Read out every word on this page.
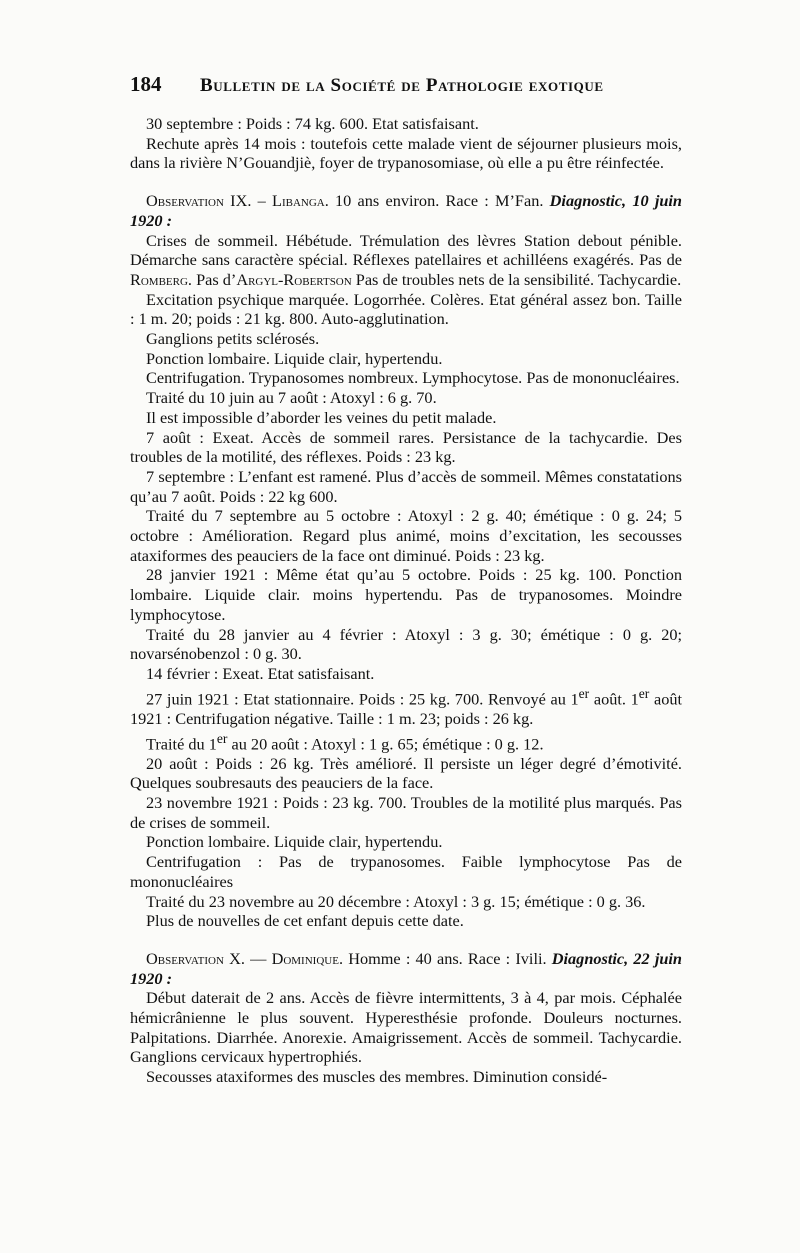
184	Bulletin de la Société de Pathologie exotique

30 septembre : Poids : 74 kg. 600. Etat satisfaisant.

Rechute après 14 mois : toutefois cette malade vient de séjourner plusieurs mois, dans la rivière N’Gouandjiè, foyer de trypanosomiase, où elle a pu être réinfectée.

Observation IX. – Libanga. 10 ans environ. Race : M’Fan. Diagnostic, 10 juin 1920 :

Crises de sommeil. Hébétude. Trémulation des lèvres Station debout pénible. Démarche sans caractère spécial. Réflexes patellaires et achilléens exagérés. Pas de Romberg. Pas d’Argyl-Robertson Pas de troubles nets de la sensibilité. Tachycardie.

Excitation psychique marquée. Logorrhée. Colères. Etat général assez bon. Taille : 1 m. 20; poids : 21 kg. 800. Auto-agglutination.

Ganglions petits sclérosés.

Ponction lombaire. Liquide clair, hypertendu.

Centrifugation. Trypanosomes nombreux. Lymphocytose. Pas de mononucléaires.

Traité du 10 juin au 7 août : Atoxyl : 6 g. 70.

Il est impossible d’aborder les veines du petit malade.

7 août : Exeat. Accès de sommeil rares. Persistance de la tachycardie. Des troubles de la motilité, des réflexes. Poids : 23 kg.

7 septembre : L’enfant est ramené. Plus d’accès de sommeil. Mêmes constatations qu’au 7 août. Poids : 22 kg 600.

Traité du 7 septembre au 5 octobre : Atoxyl : 2 g. 40; émétique : 0 g. 24; 5 octobre : Amélioration. Regard plus animé, moins d’excitation, les secousses ataxiformes des peauciers de la face ont diminué. Poids : 23 kg.

28 janvier 1921 : Même état qu’au 5 octobre. Poids : 25 kg. 100. Ponction lombaire. Liquide clair. moins hypertendu. Pas de trypanosomes. Moindre lymphocytose.

Traité du 28 janvier au 4 février : Atoxyl : 3 g. 30; émétique : 0 g. 20; novarsénobenzol : 0 g. 30.

14 février : Exeat. Etat satisfaisant.

27 juin 1921 : Etat stationnaire. Poids : 25 kg. 700. Renvoyé au 1er août. 1er août 1921 : Centrifugation négative. Taille : 1 m. 23; poids : 26 kg.

Traité du 1er au 20 août : Atoxyl : 1 g. 65; émétique : 0 g. 12.

20 août : Poids : 26 kg. Très amélioré. Il persiste un léger degré d’émotivité. Quelques soubresauts des peauciers de la face.

23 novembre 1921 : Poids : 23 kg. 700. Troubles de la motilité plus marqués. Pas de crises de sommeil.

Ponction lombaire. Liquide clair, hypertendu.

Centrifugation : Pas de trypanosomes. Faible lymphocytose Pas de mononucléaires

Traité du 23 novembre au 20 décembre : Atoxyl : 3 g. 15; émétique : 0 g. 36.

Plus de nouvelles de cet enfant depuis cette date.

Observation X. — Dominique. Homme : 40 ans. Race : Ivili. Diagnostic, 22 juin 1920 :

Début daterait de 2 ans. Accès de fièvre intermittents, 3 à 4, par mois. Céphalée hémicrânienne le plus souvent. Hyperesthésie profonde. Douleurs nocturnes. Palpitations. Diarrhée. Anorexie. Amaigrissement. Accès de sommeil. Tachycardie. Ganglions cervicaux hypertrophiés.

Secousses ataxiformes des muscles des membres. Diminution considé-
